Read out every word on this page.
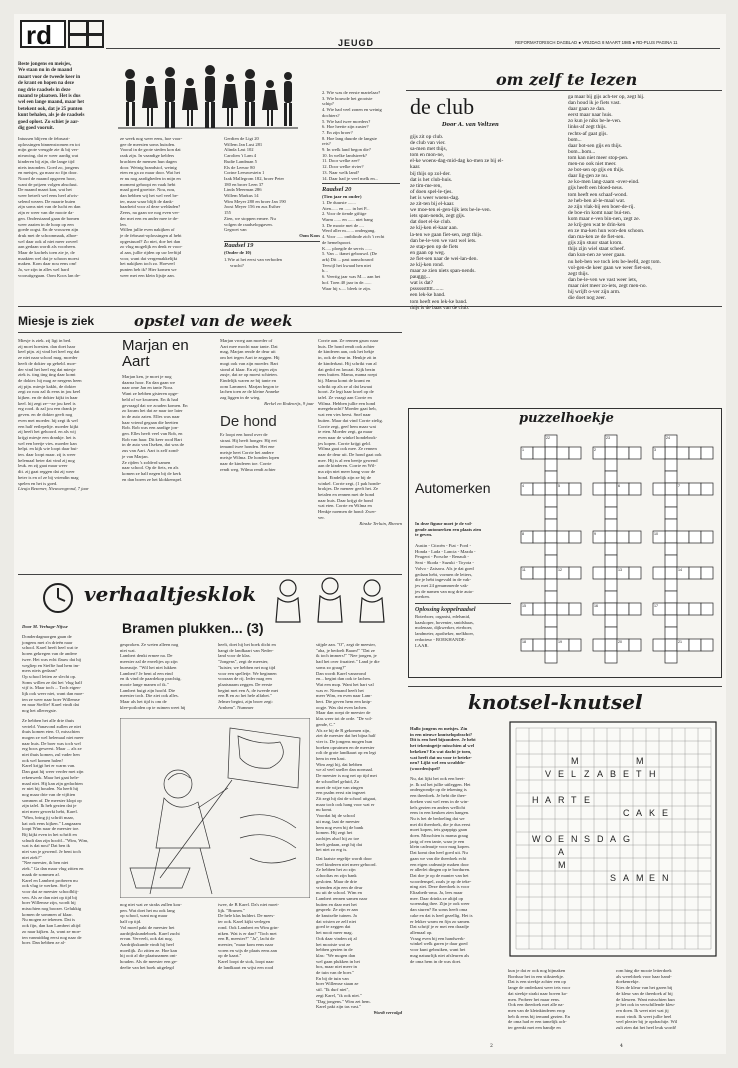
rd	JEUGD	REFORMATORISCH DAGBLAD ● VRIJDAG 8 MAART 1985 ● RD-PLUS PAGINA 11
Beste jongens en meisjes,
We staan nu in de maand
maart voor de tweede keer in
de krant en hopen na deze
nog drie raadsels in deze
maand te plaatsen. Het is dus
wel een lange maand, maar het
betekent ook, dat je 25 punten
kunt behalen, als je de raadsels
goed oplost. Zo schiet je aar-
dig goed vooruit.
Intussen blijven de februari-
oplossingen binnenstromen en tot
mijn grote vreugde zie ik bij ver-
nieuwing, dat er weer aardig wat
kinderen bij zijn, die lange tijd
niets inzonden. Goed zo, jongens
en meisjes, ga maar zo fijn door.
Noord de maand opgaven hoor,
want de prijzen volgen absoluut.
De maand maart kan, wat het
weer betreft wel eens heel afwis-
selend wezen. De maarte buien
zijn soms niet van de lucht en dan
zijn er weer van die mooie da-
gen. Onderstaand gaan de bomen
weer zaaien in de hoop op een
goede oogst. En de vrouwen zijn
druk met de schoonmaak, alhoe-
wel daar ook al niet meer zoveel
aan gedaan wordt als voorheen.
Maar de kachels toen zie je, de
maakten wel dat je schoon moest
maken. Kom daar nou eens om!
Ja, we zijn in alles wel hard
vooruitgegaan. Oom Koos lan de-
ze week nog weer eens, hoe voor-
gee de meesten soms huisden.
Vooral in de grote steden kon dat
raak zijn. In vaandige kelders
brachten de mensen hun dagen
door. Weinig brandstof, weinig
eten en ga zo maar door. Wat het
er nu nog aardigheden in mijn en
moment gehoopt en vaak hebt
maal goed groeiste. Nou, nou,
dan hebben wij het wel veel be-
ter, maar waar blijft de dank-
baarheid voor al deze weldaden?
Zeers, na gaan we nog even ver-
der met een en ander mee te de-
len.
Willen jullie even nakijken of
je de februari-oplossingen al hebt
opgestuurd? Zo niet, doe het dan
zo vlug mogelijk en denk er voor-
al aan, jullie rijden op uw leeftijd
voor, want dat vergemakkelijkt
het nakijken toch zo. Hoeveel
punten heb ik? Hier komen we
weer met een klein lijstje aan.
Gerdien de Ligt 20
Willem Jan Lust 281
Alinda Last 102
Carolien 't Lam 4
Rudie Landman 5
Els de Leeuw 80
Corine Leeuwestein 1
Izak Mallegrom 182, broer Peter
180 en broer Leen 37
Linda Meerman 286
Willem Markus 14
Wim Meyer 280 en broer Jan 190
Joost Meyer 156 en zus Esther
155
Zien, we stoppen ermee. Nu
volgen de raadselopgaven.
Gegroet van
Oom Koos
Raadsel 19
(Onder de 10)
1.Wie at het eerst van verboden
vrucht?
2. Wie was de eerste martelaar?
3. Wie bouwde het grootste
schip?
4. Wie had veel zonen en weinig
dochters?
5. Wie had twee moeders?
6. Hoe heette zijn zuster?
7. En zijn broer?
8. Hoe lang duurde de langste
reis?
9. In welk land begon die?
10. In welke landstreek?
11. Door welke zee?
12. Door welke rivier?
13. Naar welk land?
14. Daar had je veel melk en...
Raadsel 20
(Tien jaar en ouder)
1. De duurste .......
Aten...... en ...... in het P...
2. Voor de tiende giftige
Warm ...... en ...... niet bang
3. De mooie met de ....
Werd aller m....... ondergang.
4. Voor ...... ontblinde zich 't recht
de hemelspoort.
K..... ploegde de servis ......
5. Van ... ikmet gebouwd. (De
ark) Dit ... past aanschouwd
Terwijl het kwaad hen niet
b...
6. Veertig jaar was M.... aan het
hof. Toen 40 jaar in de.......
Waar hij s..... bleek te zijn.
om zelf te lezen
de club
Door A. van Veltzen
gijs zit op club.
de club van vier.
sa-men met thijs,
tom en mon-ne,
el-ke woens-dag-mid-dag ko-men ze bij el-
kaar.
bij thijs op zol-der.
dat is het club-huis.
ze tim-me-ren,
of doen spel-le-tjes.
het is weer woens-dag.
ze zit-ten bij el-kaar.
we moe-ten ei-gen-lijk iets be-le-ven.
iets span-nends, zegt gijs.
dat doet el-ke club.
ze kij-ken el-kaar aan.
la-ten we gaan fiet-sen, zegt thijs.
dan be-le-ven we vast wel iets.
ze stap-pen op de fiets
en gaan op weg.
ze fiet-sen naar de wei-lan-den.
ze kij-ken rond.
maar ze zien niets span-nends.
pauggg...
wat is dat?
pssssssttttt........
een lek-ke band.
tom heeft een lek-ke band.
thijs is de baas van de club.
ga maar bij gijs ach-ter op, zegt hij.
dan houd ik je fiets vast.
daar gaan ze dan.
eerst maar naar huis.
zo kun je niks be-le-ven.
links-af zegt thijs.
rechts-af gaat gijs.
bom...
daar bot-sen gijs en thijs.
bom...bom...
tom kan niet meer stop-pen.
men-no ook niet meer.
ze bot-sen op gijs en thijs.
daar lig-gen ze nu.
ze ko-men lang-zaam -over-eind.
gijs heeft een bloed-neus.
tom heeft een schaaf-wond.
ze heb-ben al-le-maal wat.
ze zijn vlak-bij een boer-de-rij.
de boe-rin komt naar bui-ten.
kom maar e-ven bin-nen, zegt ze.
ze krij-gen wat te drin-ken
en ze ma-ken hun won-den schoon.
dan ma-ken ze de fiet-sen.
gijs zijn stuur staat krom.
thijs zijn wiel staat scheef.
dan kun-nen ze weer gaan.
nu heb-ben we toch iets be-leefd, zegt tom.
vol-gen-de keer gaan we weer fiet-sen,
zegt thijs.
dan be-le-ven we vast weer iets,
maar niet meer zo-iets, zegt men-no.
hij wrijft o-ver zijn arm.
die doet nog zeer.
Miesje is ziek	opstel van de week
Miesje is ziek. zij ligt in bed.
zij moet hoesten. dan doet haar
keel pijn. zij vind het heel erg dat
ze niet naar school mag. moeder
heeft de dokter op gebeld. moe-
der vind het heel erg dat miesje
ziek is. ting ting ting daar komt
de dokter. hij mag ze nergens heen
zij pijn. miesje kakht, de dokter
zegt zo nou zal ik eens in jou keel
kijken. en de dokter kijkt in haar
keel. hij zegt ze---ze jou keel is
erg rood. ik zal jou een drank je
geven. en de dokter geeft nog
even met moeder. hij zegt ik wel
een half eetlepeltje. moeder kijkt
zij heeft het gehoord. en als wij
krijgt miesje een drankje. het is
wel een beetje vies. moeder kan
helpt. en kijk wie loopt daar bui-
ten. daar loopt maar. zij is weer
helemaal beter dat vind zij nog
leuk. en zij gaat maar weer
dit. zij gaat reggen dat zij weer
beter is en of ze bij vriendin mag
spelen en het is goed.
Lieuja Bezemer, Nieuwengrond, 7 jaar
Marjan en Aart
Marjan ken, je moet je nog
daarna hoor. En dan gaan we
naar ome Jan en tante Nora.
Want ze hebben gisteren opge-
beld of we kwamen. En ik had
gevraagd dat we zouden komen. En
zo kwam het dat ze naar toe later
in de auto zaten. Elles was naar
haar vriend gegaan die heetten
Rob. Rob was een aardige jon-
gen. Elles heeft veel van Rob, en
Rob van haar. Dit keer rood Bart
in de auto van Ilseken, dat was de
zus van Aart. Aart is zelf zond-
je van Marjan.
Ze rijden 's zolderd samen
naar school. Op de fiets, en als
komen ze half negen bij de kerk
en dan boren ze het klokkenspel.
Marjan vroeg aan moeder of
Aart mee mocht naar tante. Dat
mag, Marjan rende de deur uit
om het tegen Aart te zeggen. Hij
mogt ook van zijn moeder. Bart
stond al klaar. En zij tegen zijn
zusje, dat ze op moest schieten.
Eindelijk waren ze bij tante en
oom Lammert. Marjan begon te
lachen toen ze de kleine Anneke
zag liggen in de wieg.
Berkel en Rodenrijs, 9 jaar
De hond
Er loopt een hond over de
straat. Hij heeft honger. Hij eet
iemand twee honden. Het ene
meisje heet Corrie het andere
meisje Wilma. De honden lopen
naar de kinderen toe. Corrie
rendt weg. Wilma rendt achter
Corrie aan. Ze rennen gauw naar
huis. De hond rendt ook achter
de kinderen aan, ook het hekje
in, ook de deur in. Henkje zit in
de kinderkast. Hij schrikt van al
dat gedol en lawaai. Kijk bezin
eens buiten. Mama, mama roept
hij. Mama komt de kramt en
schrikt op als ze al dat lawaai
hoort. Ze legt haar kroel op de
tafel. Ze vraagt aan Corrie en
Wilma. Hebben jullie een hond
meegebracht? Moeder gaat heb,
wat een vies beest. Snel naar
buiten. Maar dat vind Corrie zielig.
Corrie zegt, geef hem maar wat
te eten. Moeder zegt, ga maar
even naar de winkel hondebrok-
jes kopen. Corrie krijgt geld.
Wilma gaat ook mee. Ze rennen
naar de deur uit. De hond gaat ook
mee. Hij is al een beetje gewend
aan de kinderen. Corrie en Wil-
ma zijn niet meer bang voor de
hond. Eindelijk zijn ze bij de
winkel. Corrie zegt, (1 pak honde-
brokjes. De meneer geeft het. Ze
betalen en rennen met de hond
naar huis. Daar krijgt de hond
wat eten. Corrie en Wilma en
Henkje noemen de hond: Zwer-
ver.
Rinske Terluin, Rhenen
puzzelhoekje
Automerken
In deze figuur moet je de vol-
gende automerken een plaats zien
te geven.
Austin - Citroën - Fiat - Ford -
Honda - Lada - Lancia - Mazda -
Peugeot - Porsche - Renault -
Seat - Skoda - Suzuki - Toyota -
Volvo - Zaisava. Als je dat goed
gedaan hebt, vormen de letters,
die je hebt ingevuld in de vak-
jes met 24 genummerde vak-
jes de namen van nog drie auto-
merken.
Oplossing koppelraadsel
Boterboer, organist, edelsmid,
kaaskoper, hovenier, smidsbaas,
molenaar, dijkwerker, eierboer,
landmeter, apotheker, melkboer,
redacteur - BOEKHANDE-
LAAR.
1	2	3
4	5	6	7
8	9	10
11	12	13	14
15	16	17
18	19	20	21
22	23	24
verhaaltjesklok
Door M. Verhage-Nijsse	Bramen plukken... (3)
Donderdagmorgen gaan de
jongens met z'n drieën naar
school. Karel heeft heel wat te
horen gekregen van de andere
twee. Het was echt flauw dat hij
wegliep en Steffie had hem im-
mers niets gedaan?
Op school letten ze slecht op.
Soms willen ze dat het 'vlug half
vijf is. Maar toch ... Toch eigen-
lijk ook weer niet, want dan moe-
ten ze weer naar boer Willemse
en naar Steffie! Karel vindt dat
nog het allerergste.
Ze hebben het alle drie thuis
verteld. Vanavond zullen ze niet
thuis komen eten. O, misschien
mogen ze wel helemaal niet meer
naar huis. De boer was toch wel
erg boos geweest. Maar ... als ze
niet thuis komen, zul vader hen
ook wel komen halen!
Karel krijgt het er warm van.
Dan gaat hij weer verder met zijn
rekenwerk. Maar het gaat hele-
maal niet. Hij kan zijn gedachten
er niet bij houden. Na heeft hij
nog maar drie van de vijftien
sommen af. De meester klopt op
zijn tafel. Ik heb gezien dat je
niet meer gewerkt hebt, Karel.
"Wim, bring jij schrift maar,
kat ook eens kijken." Langzaam
loopt Wim naar de meester toe.
Bij kijkt even in het schrift en
schudt dan zijn hoofd..."Wim, Wim,
wat is dat nou? Dat ben ik
niet van je gewend. Je bent toch
niet ziek?"
"Nee meester, ik ben niet
ziek." Ga dan maar vlug zitten en
maak de sommen af.
Karel en Lambert proberen nu
ook vlug te werken. Stel je
voor dat ze meester schoolblij-
ven. Als ze dan niet op tijd bij
boer Willemse zijn, wordt hij
misschien nog boozer. Gelukkig
komen de sommen af klaar.
Nu mogen ze tekenen. Dat is
ook fijn, dan kan Lambert altijd
zo naar kijken. Ja, want ze moe-
ten vanmiddag eerst nog naar de
boer. Dan hebben ze al-
gesproken. Ze weten alleen nog
niet wat.
Lambert denkt ermee na. De
meester zal de enveltjes op zijn
bureautje. "Wil het niet lukken
Lambert? Je bent al een eind
en ik vind de paardekop prachtig.
mooie lange manen of ik."
Lambert buigt zijn hoofd. Die
meester toch. Die ziet ook alles.
Maar als het tijd is om de
klee-potloden op te ruimen weet hij
heelt, doet hij het boek dicht en
hangt de landkaart van Neder-
land voor de klas.
"Jongens", zegt de meester,
"luister, we hebben net nog tijd
voor een spelletje. We beginnen
vooraan de rij. Ieder mag een
plaatsnaam zeggen. De eerste
begint met een A, de tweede met
een B en zo het hele alfabet."
Jelmer begint, zijn broer zegt:
Arnhem". Nummer
stijple aan. "O", zegt de meester,
"aha, je bedoelt Baarn!" "Dat ze
ik toch immers!" "Nee jongen, je
had het over fruattert." Land je die
soms zo graag?"
Dan wordt Karel vanavond
en... begint dan ook te lachen.
Wat een mop. Want het hart val
was er. Niemand heeft het
meer Wim, en even naar Lam-
bert. Die geven hem een knip-
oogje. Was dat even lachen.
Maar dan roept de meester de
klas weer tot de orde. "De vol-
gende, C."
Als ze bij de R gekomen zijn,
ziet de meester dat het bijna half
vier is. De jongens mogen hun
boeken opruimen en de meester
rolt de grote landkaart op en legt
hem in een kast.
Wim zegt hij, dat hebben
we al veel sneller dan normaal.
De meester is nog net op tijd met
de schoolbel geluid, Zo
moet de wijze van zingen
een psalm eerst zin ingezet
Zit zegt hij dat de school uitgaat,
maar toch ook hang voor wat er
nu komt.
Voordat hij de school
uit mag, laat de meester
hem nog even bij de bank
komen. Hij zegt het
zachtjes alsof hij zo toe
heeft gedaan, zegt hij dat
het niet zo erg is.
Dat laatste regeltje wordt door
veel kinderen niet meer gehoord.
Ze hebben het zo zijn
schooltas en zijn bank
gesloten. Maar de drie
vrienden zijn een de deur
nu uit de school. Wim en
Lambert rennen samen naar
buiten en daar met het
gesprek: Ze zijn er aan
de knutselte tuinen. Ja
dat wisten ze zelf niet
goed te zeggen dat
het nooit meer mag.
Ook daar vinden zij al
het mooiste wat ze
hebben gezien in de
klas: "We mogen dan
wel gaan plukken in het
bos, maar niet meer in
de tuin van de boer."
En bij de tuin van
boer Willemse staan ze
stil. "Ik durf niet",
zegt Karel, "ik ook niet."
"Dag jongens." Wim zet hem.
Karel pakt zijn tas vast."
Wordt vervolgd
nog niet wat ze straks zullen kou-
pen. Wat doet het nu ook lang
op school, want nog maar
half op tijd.
Vol moed pakt de meester het
aardrijkskundeboek. Karel zucht
ervan. Verveelt, ook dat nog.
Aardrijkskunde vindt hij heel
moeilijk. Zo zitten ze. Hoe kan
hij ooit al die plaatsnamen ont-
houden. Als de meester een ge-
deelte van het boek uitgelegd
twee, de B Karel. Da's niet moei-
lijk. "Brunen."
De hele klas buldert. De mees-
ter ook. Karel kijkt verlegen
rond. Ook Lambert en Wim grin-
niken. Wat is er dan? "Toch met
een B, meester?" "Ja", lacht de
meester, "maar kom eens naar
voren en wijs de plaats eens aan
op de kaart."
Karel loopt de stok, loopt naar
de landkaart en wijst een rood
knotsel-knutsel
Hallo jongens en meisjes. Zin
in een nieuwe knutselopdracht?
Dit is een heel bijzondere. Je hebt
het tekeningetje misschien al wel
bekeken? En wat dacht je toen,
wat heeft dat nu voor te beteke-
nen? Lijkt wel een scrabble-
(woorden)spel?
Nu, dat lijkt het ook een beet-
je. Ik zal het jullie uitleggen. Het
ondergrondje op de tekening is
een theedoek. Je hebt die thee-
doeken vast wel eens in de win-
kels gezien en anders wellicht
eens in een keuken zien hangen.
Nu is het de bedoeling dat we
met dit theedoek, die je dus eerst
moet kopen, iets grappigs gaan
doen. Misschien is mama graag
jarig of een tante, waar je een
klein cadeautje voor mag kopen.
Dat komt dan heel goed uit. Nu
gaan we van die theedoek echt
een eigen cadeautje maken door
er allerlei dingen op te borduren.
Dat doe je op de manier van het
woordenspel, zoals je op de teke-
ning ziet. Deze theedoek is voor
Elizabeth-oma. Ja, lees maar
mee. Daar drinks ze altijd op
woensdag thee. Zijn je ook weer
dan sturen? En soms heeft oma
cake en dat is heel gezellig. Het is
er lekker warm en fijn zo samen.
Dat schrijf je er met een draadje
allemaal op.
Vraag even bij een handwerk-
winkel welk garen je daar goed
voor kunt gebruiken, want het
mag natuurlijk niet afsleuren als
de oma hem in de was doet.
M	M
V E L Z A B E T H
H A R T E
C A K E
W O E N S D A G
A
M
S A M E N
kun je dat er ook nog bijmaken
Borduur het in een stiksteekje.
Dat is een steekje achter een op
lange de onderkant weer iets voor
dat steekje strakt naar boven ko-
men. Probeer het maar eens.
Ook een theedoek met alle na-
men van de kleinkinderen erop
heb ik eens bij iemand gezien. En
de oma had er een tamelijk ach-
ter geenkt met een bandje en
rom hing die mooie letterdoek
als wereldoek voor haar hand-
doekenrekje.
Kies de kleur van het garen bij
de kleur van de theedoek af bij
de kleuren. Want misschien kun
je het ook in verschillende kleu-
ren doen. Ik weet niet wat jij
mooi vindt. Ik weet jullie heel
veel plezier bij je opdrachtje. Wil
zult zien dat het heel leuk wordt!
2	4
